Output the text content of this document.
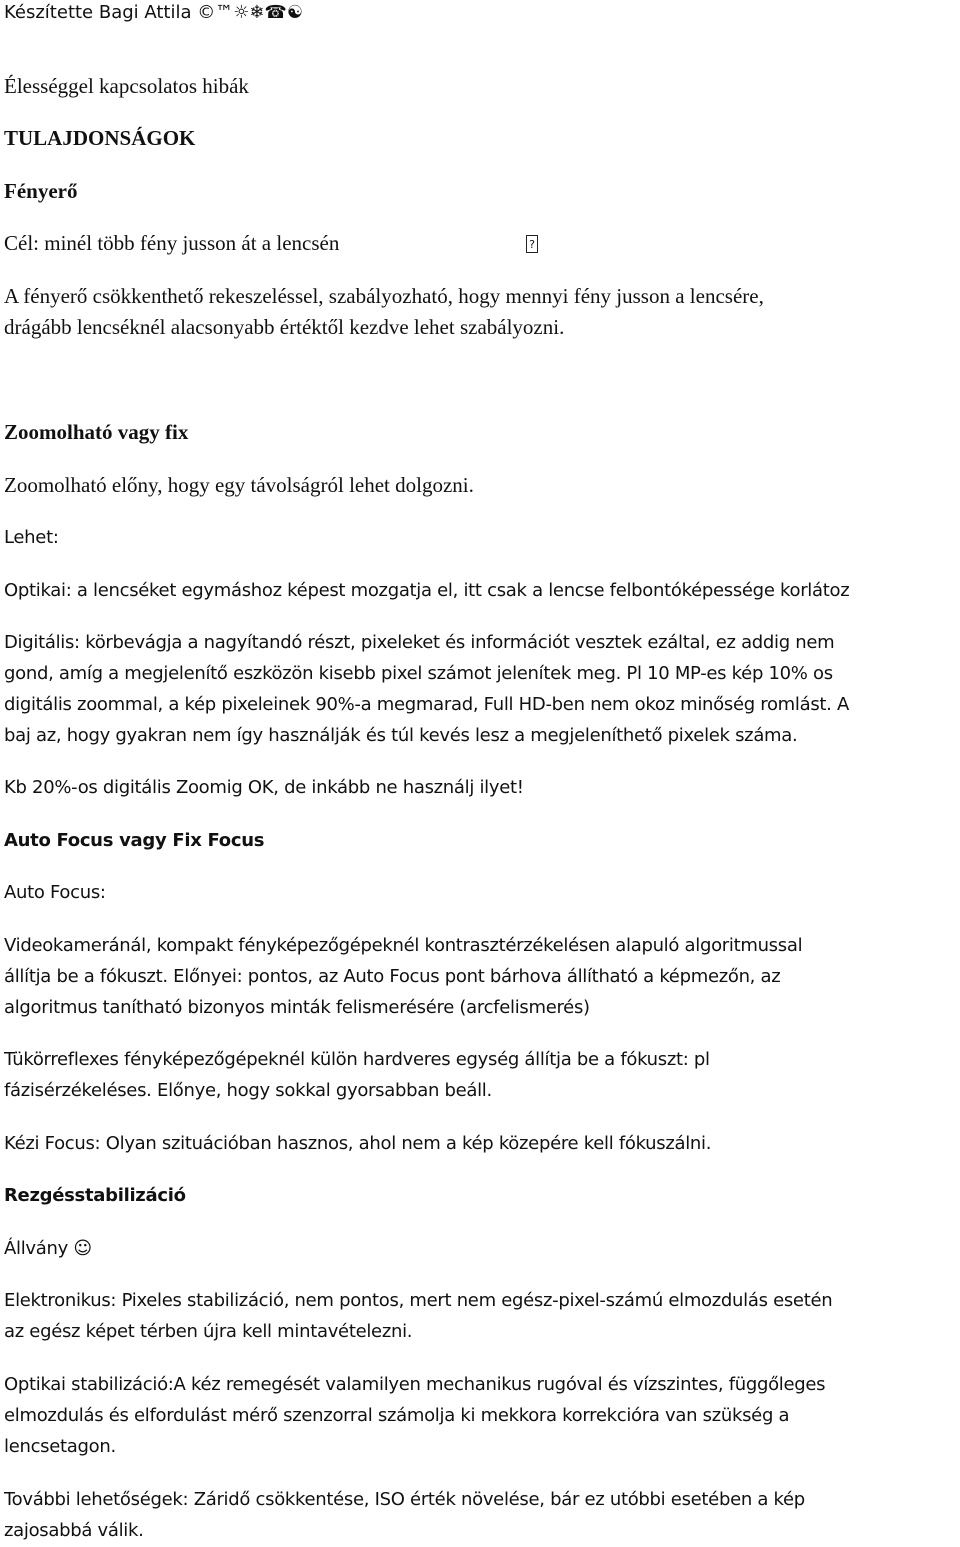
Készítette Bagi Attila ©™☼❄☎☯
Élességgel kapcsolatos hibák
TULAJDONSÁGOK
Fényerő
Cél: minél több fény jusson át a lencsén	?
A fényerő csökkenthető rekeszeléssel, szabályozható, hogy mennyi fény jusson a lencsére,
drágább lencséknél alacsonyabb értéktől kezdve lehet szabályozni.
Zoomolható vagy fix
Zoomolható előny, hogy egy távolságról lehet dolgozni.
Lehet:
Optikai: a lencséket egymáshoz képest mozgatja el, itt csak a lencse felbontóképessége korlátoz
Digitális: körbevágja a nagyítandó részt, pixeleket és információt vesztek ezáltal, ez addig nem
gond, amíg a megjelenítő eszközön kisebb pixel számot jelenítek meg. Pl 10 MP-es kép 10% os
digitális zoommal, a kép pixeleinek 90%-a megmarad, Full HD-ben nem okoz minőség romlást. A
baj az, hogy gyakran nem így használják és túl kevés lesz a megjeleníthető pixelek száma.
Kb 20%-os digitális Zoomig OK, de inkább ne használj ilyet!
Auto Focus vagy Fix Focus
Auto Focus:
Videokameránál, kompakt fényképezőgépeknél kontrasztérzékelésen alapuló algoritmussal
állítja be a fókuszt. Előnyei: pontos, az Auto Focus pont bárhova állítható a képmezőn, az
algoritmus tanítható bizonyos minták felismerésére (arcfelismerés)
Tükörreflexes fényképezőgépeknél külön hardveres egység állítja be a fókuszt: pl
fázisérzékeléses. Előnye, hogy sokkal gyorsabban beáll.
Kézi Focus: Olyan szituációban hasznos, ahol nem a kép közepére kell fókuszálni.
Rezgésstabilizáció
Állvány ☺
Elektronikus: Pixeles stabilizáció, nem pontos, mert nem egész-pixel-számú elmozdulás esetén
az egész képet térben újra kell mintavételezni.
Optikai stabilizáció:A kéz remegését valamilyen mechanikus rugóval és vízszintes, függőleges
elmozdulás és elfordulást mérő szenzorral számolja ki mekkora korrekcióra van szükség a
lencsetagon.
További lehetőségek: Záridő csökkentése, ISO érték növelése, bár ez utóbbi esetében a kép
zajosabbá válik.
